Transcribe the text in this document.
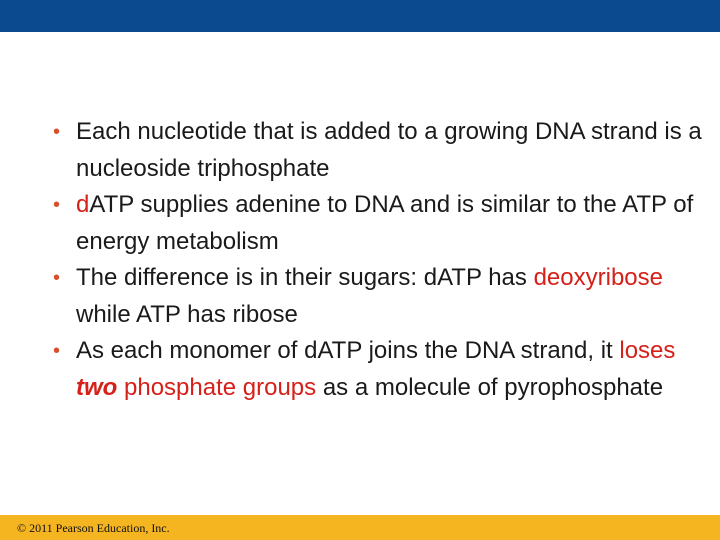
• Each nucleotide that is added to a growing DNA strand is a nucleoside triphosphate
• dATP supplies adenine to DNA and is similar to the ATP of energy metabolism
• The difference is in their sugars: dATP has deoxyribose while ATP has ribose
• As each monomer of dATP joins the DNA strand, it loses two phosphate groups as a molecule of pyrophosphate
© 2011 Pearson Education, Inc.
